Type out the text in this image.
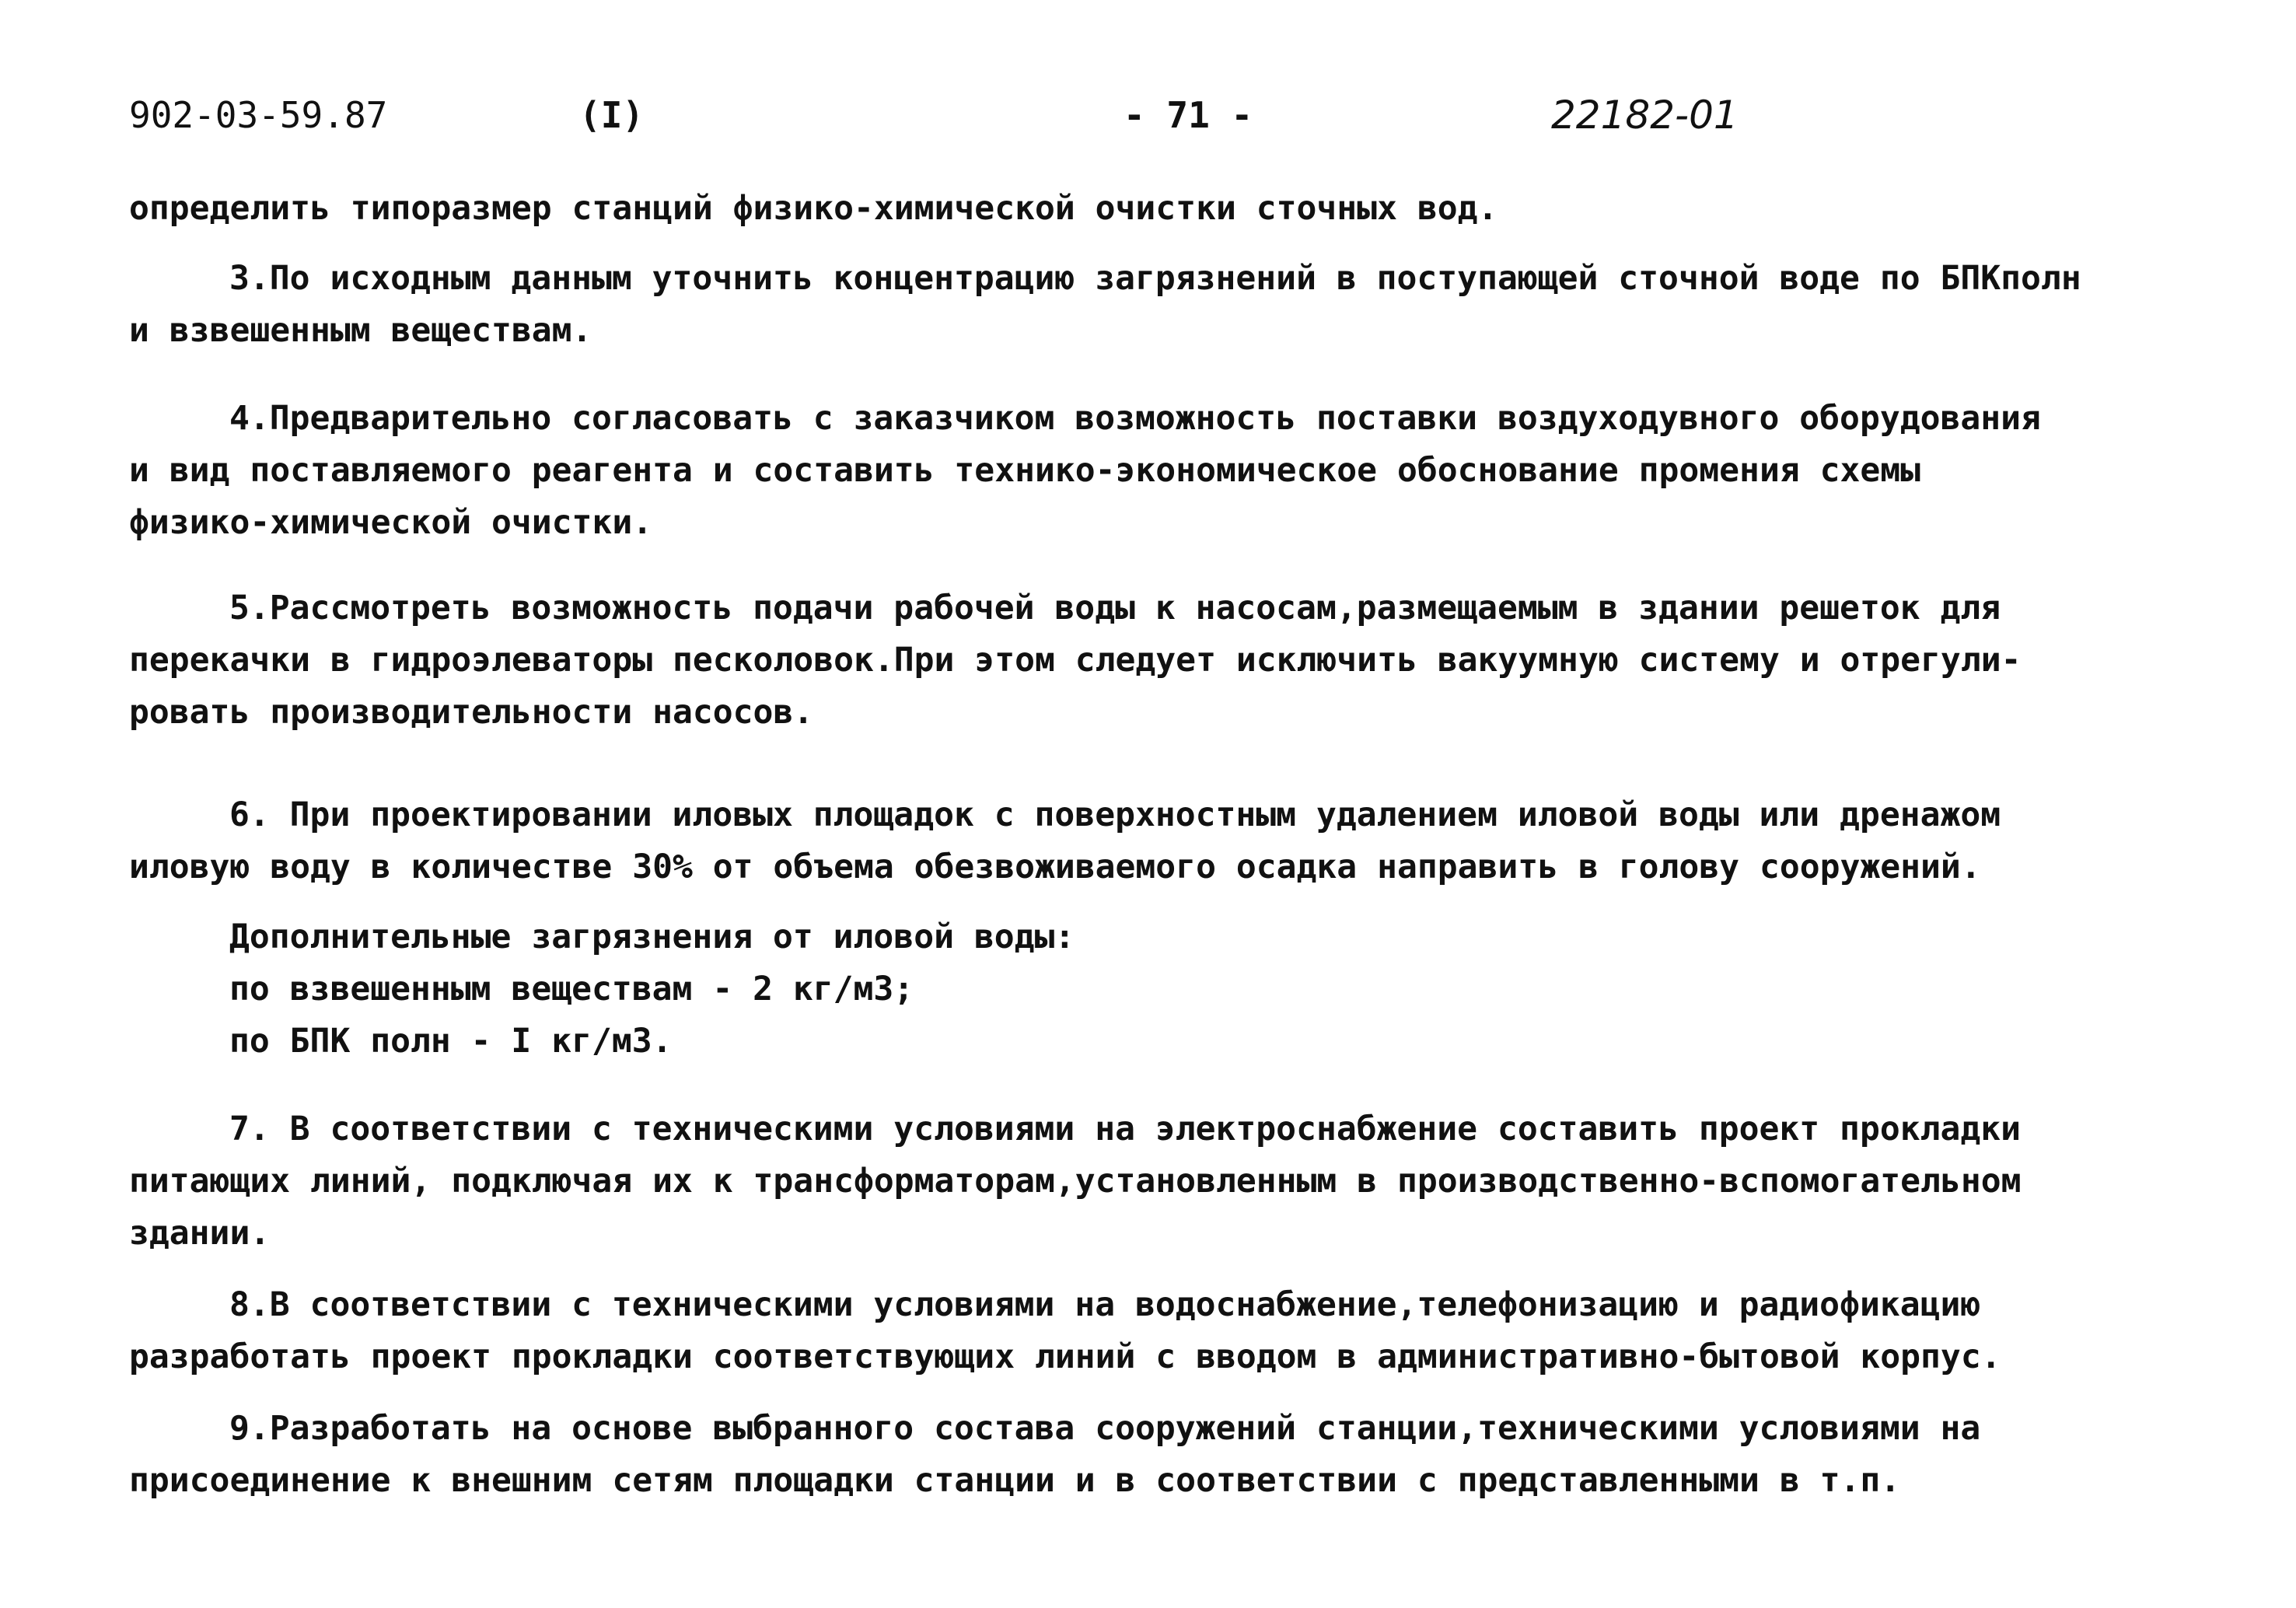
902-03-59.87	(I)	- 71 -	22182-01
определить типоразмер станций физико-химической очистки сточных вод.
3.По исходным данным уточнить концентрацию загрязнений в поступающей сточной воде по БПКполн
и взвешенным веществам.
4.Предварительно согласовать с заказчиком возможность поставки воздуходувного оборудования
и вид поставляемого реагента и составить технико-экономическое обоснование промения схемы
физико-химической очистки.
5.Рассмотреть возможность подачи рабочей воды к насосам,размещаемым в здании решеток для
перекачки в гидроэлеваторы песколовок.При этом следует исключить вакуумную систему и отрегули-
ровать производительности насосов.
6. При проектировании иловых площадок с поверхностным удалением иловой воды или дренажом
иловую воду в количестве 30% от объема обезвоживаемого осадка направить в голову сооружений.
Дополнительные загрязнения от иловой воды:
по взвешенным веществам - 2 кг/м3;
по БПК полн - I кг/м3.
7. В соответствии с техническими условиями на электроснабжение составить проект прокладки
питающих линий, подключая их к трансформаторам,установленным в производственно-вспомогательном
здании.
8.В соответствии с техническими условиями на водоснабжение,телефонизацию и радиофикацию
разработать проект прокладки соответствующих линий с вводом в административно-бытовой корпус.
9.Разработать на основе выбранного состава сооружений станции,техническими условиями на
присоединение к внешним сетям площадки станции и в соответствии с представленными в т.п.
